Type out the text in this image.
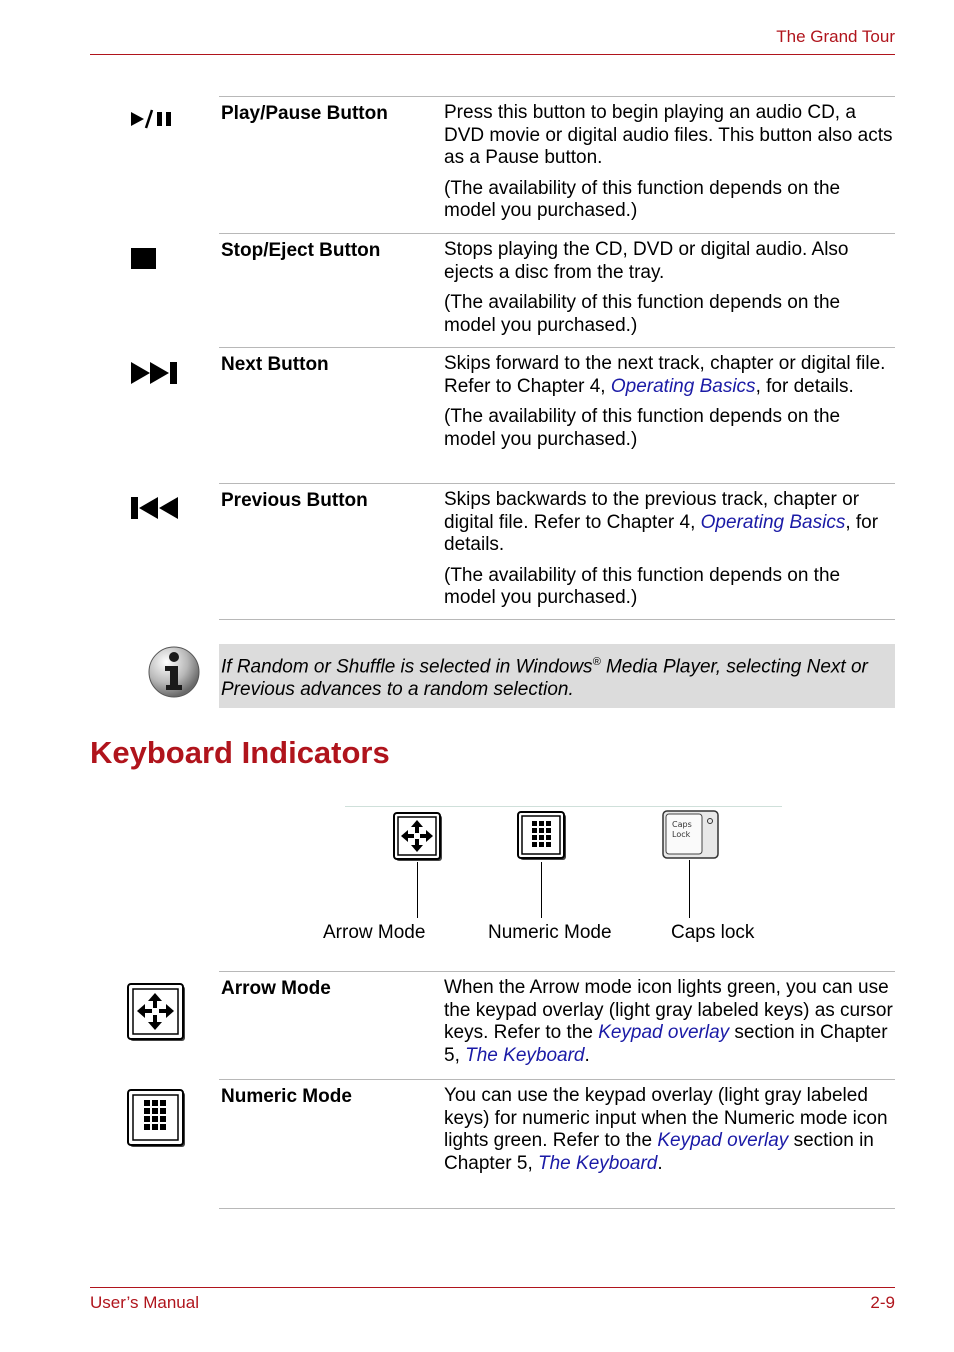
The Grand Tour
Play/Pause Button	Press this button to begin playing an audio CD, a DVD movie or digital audio files. This button also acts as a Pause button.

(The availability of this function depends on the model you purchased.)

Stop/Eject Button	Stops playing the CD, DVD or digital audio. Also ejects a disc from the tray.

(The availability of this function depends on the model you purchased.)

Next Button	Skips forward to the next track, chapter or digital file. Refer to Chapter 4, Operating Basics, for details.

(The availability of this function depends on the model you purchased.)

Previous Button	Skips backwards to the previous track, chapter or digital file. Refer to Chapter 4, Operating Basics, for details.

(The availability of this function depends on the model you purchased.)

If Random or Shuffle is selected in Windows® Media Player, selecting Next or Previous advances to a random selection.
Keyboard Indicators
Caps
Lock
Arrow Mode	Numeric Mode	Caps lock
Arrow Mode	When the Arrow mode icon lights green, you can use the keypad overlay (light gray labeled keys) as cursor keys. Refer to the Keypad overlay section in Chapter 5, The Keyboard.

Numeric Mode	You can use the keypad overlay (light gray labeled keys) for numeric input when the Numeric mode icon lights green. Refer to the Keypad overlay section in Chapter 5, The Keyboard.

User’s Manual	2-9
